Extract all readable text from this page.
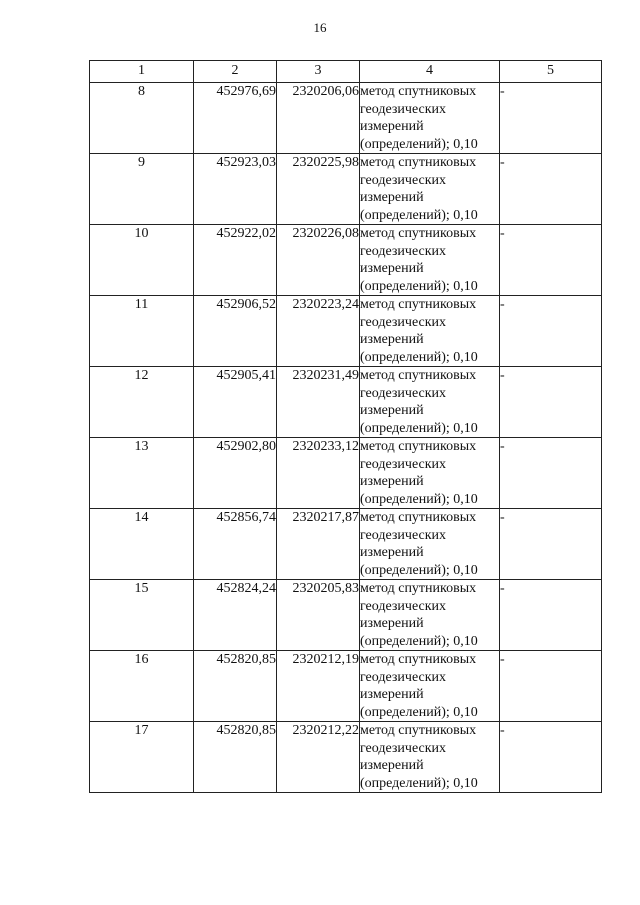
16
1	2	3	4	5
8	452976,69	2320206,06	метод спутниковых геодезических измерений (определений); 0,10	-
9	452923,03	2320225,98	метод спутниковых геодезических измерений (определений); 0,10	-
10	452922,02	2320226,08	метод спутниковых геодезических измерений (определений); 0,10	-
11	452906,52	2320223,24	метод спутниковых геодезических измерений (определений); 0,10	-
12	452905,41	2320231,49	метод спутниковых геодезических измерений (определений); 0,10	-
13	452902,80	2320233,12	метод спутниковых геодезических измерений (определений); 0,10	-
14	452856,74	2320217,87	метод спутниковых геодезических измерений (определений); 0,10	-
15	452824,24	2320205,83	метод спутниковых геодезических измерений (определений); 0,10	-
16	452820,85	2320212,19	метод спутниковых геодезических измерений (определений); 0,10	-
17	452820,85	2320212,22	метод спутниковых геодезических измерений (определений); 0,10	-
